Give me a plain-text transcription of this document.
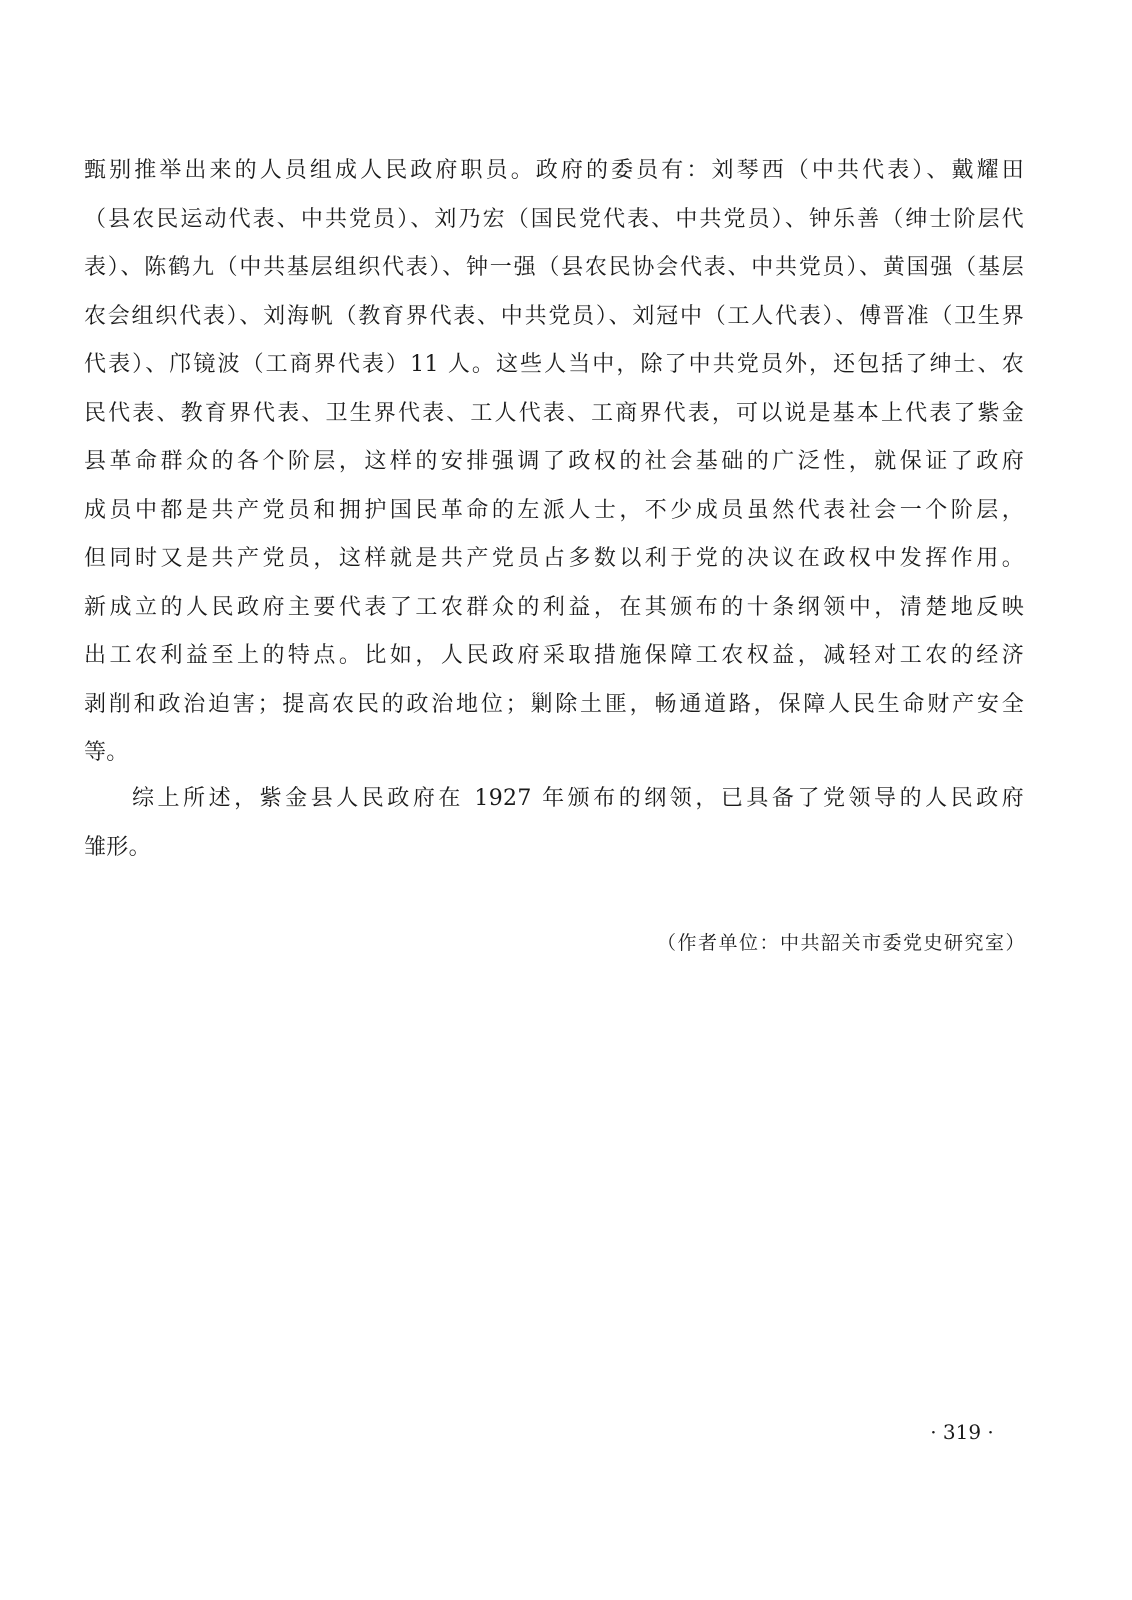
甄别推举出来的人员组成人民政府职员。政府的委员有：刘琴西（中共代表）、戴耀田
（县农民运动代表、中共党员）、刘乃宏（国民党代表、中共党员）、钟乐善（绅士阶层代
表）、陈鹤九（中共基层组织代表）、钟一强（县农民协会代表、中共党员）、黄国强（基层
农会组织代表）、刘海帆（教育界代表、中共党员）、刘冠中（工人代表）、傅晋准（卫生界
代表）、邝镜波（工商界代表）11 人。这些人当中，除了中共党员外，还包括了绅士、农
民代表、教育界代表、卫生界代表、工人代表、工商界代表，可以说是基本上代表了紫金
县革命群众的各个阶层，这样的安排强调了政权的社会基础的广泛性，就保证了政府
成员中都是共产党员和拥护国民革命的左派人士，不少成员虽然代表社会一个阶层，
但同时又是共产党员，这样就是共产党员占多数以利于党的决议在政权中发挥作用。
新成立的人民政府主要代表了工农群众的利益，在其颁布的十条纲领中，清楚地反映
出工农利益至上的特点。比如，人民政府采取措施保障工农权益，减轻对工农的经济
剥削和政治迫害；提高农民的政治地位；剿除土匪，畅通道路，保障人民生命财产安全
等。
综上所述，紫金县人民政府在 1927 年颁布的纲领，已具备了党领导的人民政府
雏形。
（作者单位：中共韶关市委党史研究室）
· 319 ·
